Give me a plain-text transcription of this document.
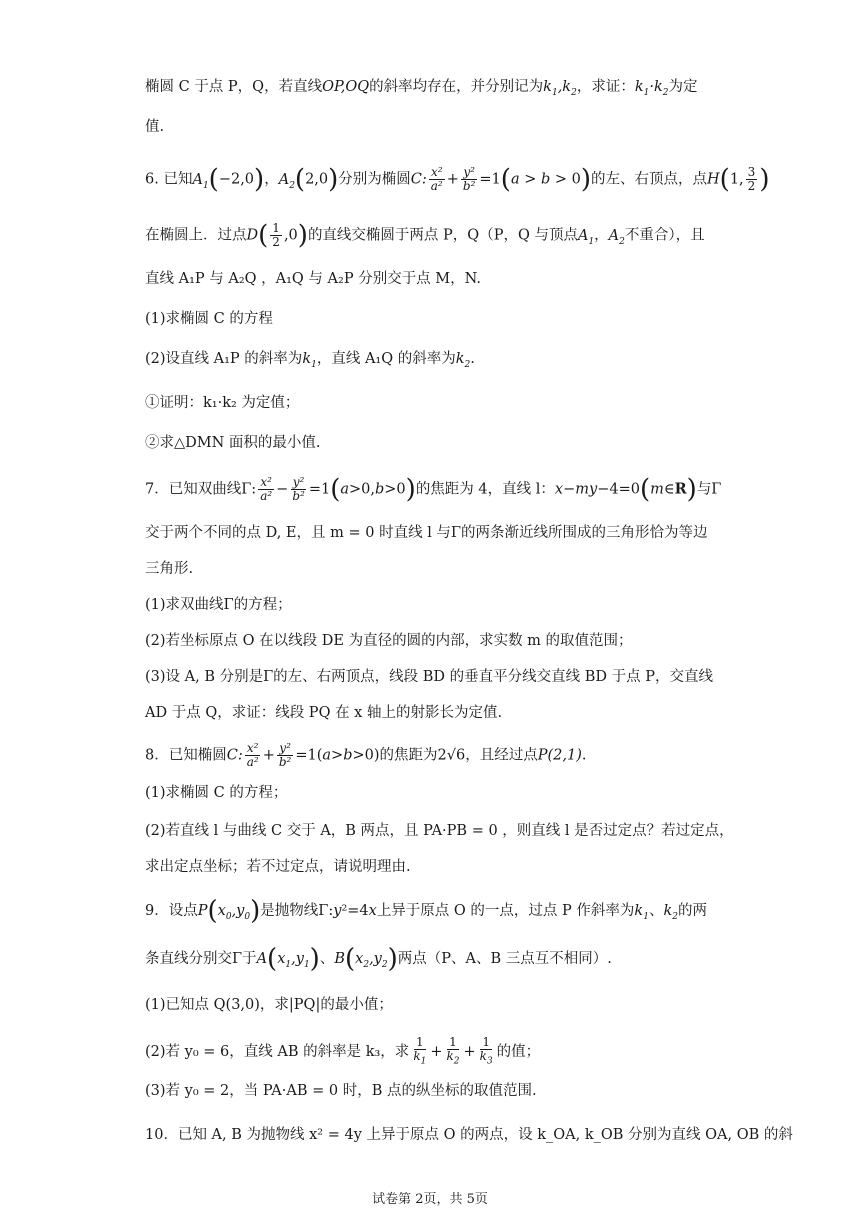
椭圆 C 于点 P，Q，若直线OP,OQ的斜率均存在，并分别记为$k_1,k_2$，求证：$k_1\cdot k_2$为定
值.
6. 已知$A_1(-2,0)$，$A_2(2,0)$分别为椭圆C: $\frac{\text{x²}}{\text{a²}} + \frac{\text{y²}}{\text{b²}} =1(a > b > 0)$的左、右顶点，点H(1, $\frac{3}{2}$ )
在椭圆上．过点$D( \frac{1}{2} ,0)$的直线交椭圆于两点 P，Q（P，Q 与顶点$A_1$，$A_2$不重合），且
直线 A₁P 与 A₂Q ，A₁Q 与 A₂P 分别交于点 M，N.
(1)求椭圆 C 的方程
(2)设直线 A₁P 的斜率为$k_1$，直线 A₁Q 的斜率为$k_2$.
①证明：k₁·k₂ 为定值；
②求△DMN 面积的最小值.
7．已知双曲线Γ: $\frac{\text{x²}}{\text{a²}} - \frac{\text{y²}}{\text{b²}} =1(a>0,b>0)$的焦距为 4，直线 l：x−my−4=0(m∈R)与Γ
交于两个不同的点 D, E，且 m = 0 时直线 l 与Γ的两条渐近线所围成的三角形恰为等边
三角形.
(1)求双曲线Γ的方程；
(2)若坐标原点 O 在以线段 DE 为直径的圆的内部，求实数 m 的取值范围；
(3)设 A, B 分别是Γ的左、右两顶点，线段 BD 的垂直平分线交直线 BD 于点 P，交直线
AD 于点 Q，求证：线段 PQ 在 x 轴上的射影长为定值.
8．已知椭圆C: $\frac{\text{x²}}{\text{a²}} + \frac{\text{y²}}{\text{b²}} =1(a>b>0)$的焦距为2√6，且经过点P(2,1).
(1)求椭圆 C 的方程；
(2)若直线 l 与曲线 C 交于 A，B 两点，且 PA·PB = 0 ，则直线 l 是否过定点？若过定点，
求出定点坐标；若不过定点，请说明理由.
9．设点$P(x_0,y_0)$是抛物线Γ:y²=4x上异于原点 O 的一点，过点 P 作斜率为$k_1$、$k_2$的两
条直线分别交Γ于$A(x_1,y_1)$、$B(x_2,y_2)$两点（P、A、B 三点互不相同）.
(1)已知点 Q(3,0)，求|PQ|的最小值；
(2)若 y₀ = 6，直线 AB 的斜率是 k₃，求 $\frac{1}{k_1} + \frac{1}{k_2} + \frac{1}{k_3}$ 的值；
(3)若 y₀ = 2，当 PA·AB = 0 时，B 点的纵坐标的取值范围.
10．已知 A, B 为抛物线 x² = 4y 上异于原点 O 的两点，设 k_OA, k_OB 分别为直线 OA, OB 的斜
试卷第 2页，共 5页
